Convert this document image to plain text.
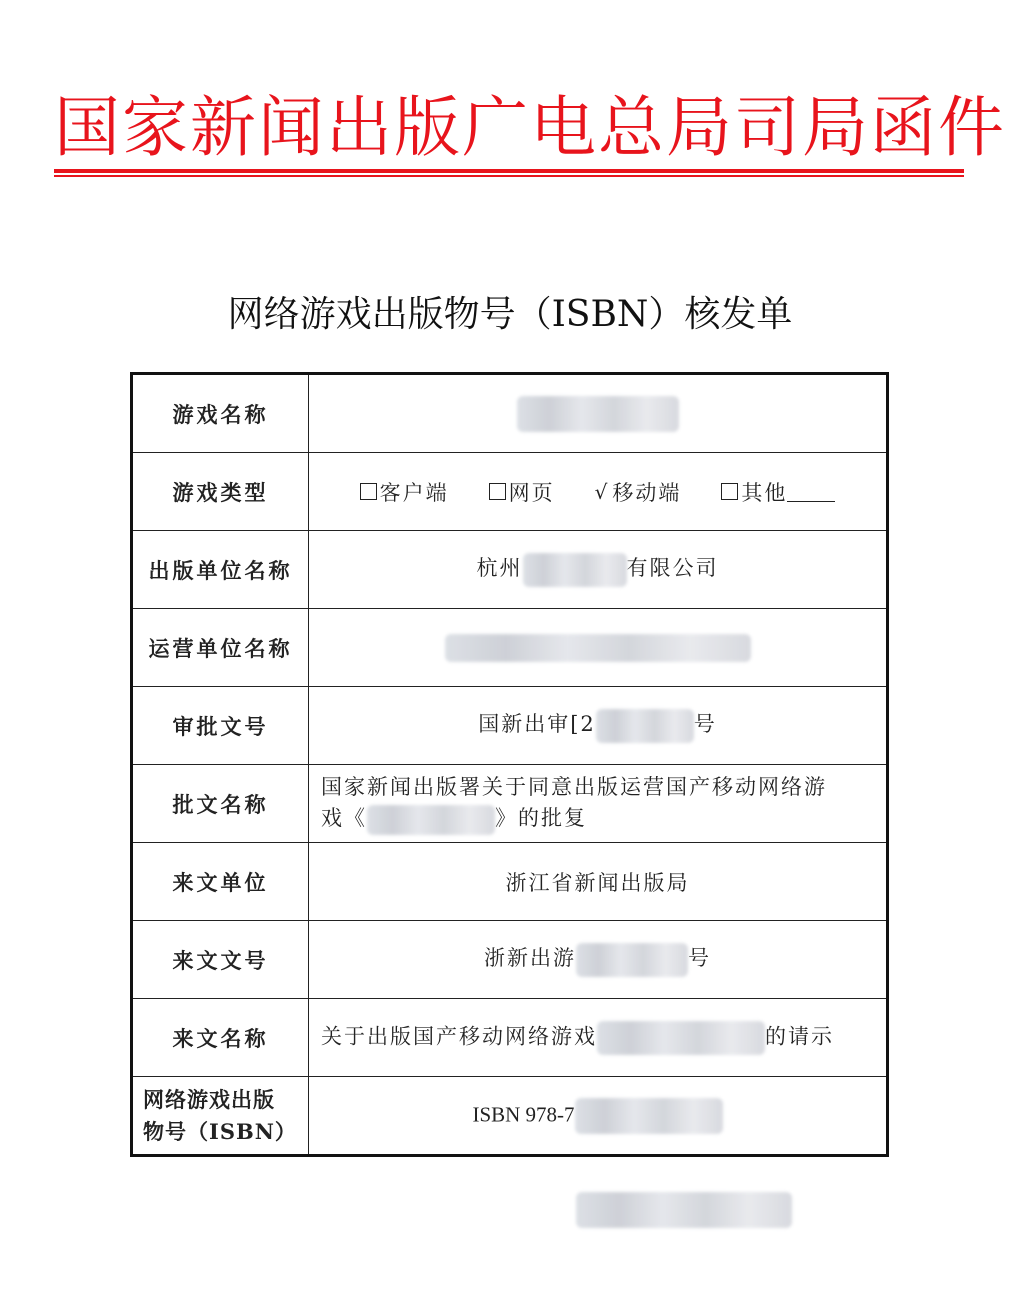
国家新闻出版广电总局司局函件
网络游戏出版物号（ISBN）核发单
游戏名称	
游戏类型	客户端 网页 √ 移动端 其他

出版单位名称	杭州 有限公司
运营单位名称	
审批文号	国新出审[2 号
批文名称	国家新闻出版署关于同意出版运营国产移动网络游
戏《 》的批复

来文单位	浙江省新闻出版局
来文文号	浙新出游 号
来文名称	关于出版国产移动网络游戏 的请示

网络游戏出版
物号（ISBN）	ISBN 978-7
